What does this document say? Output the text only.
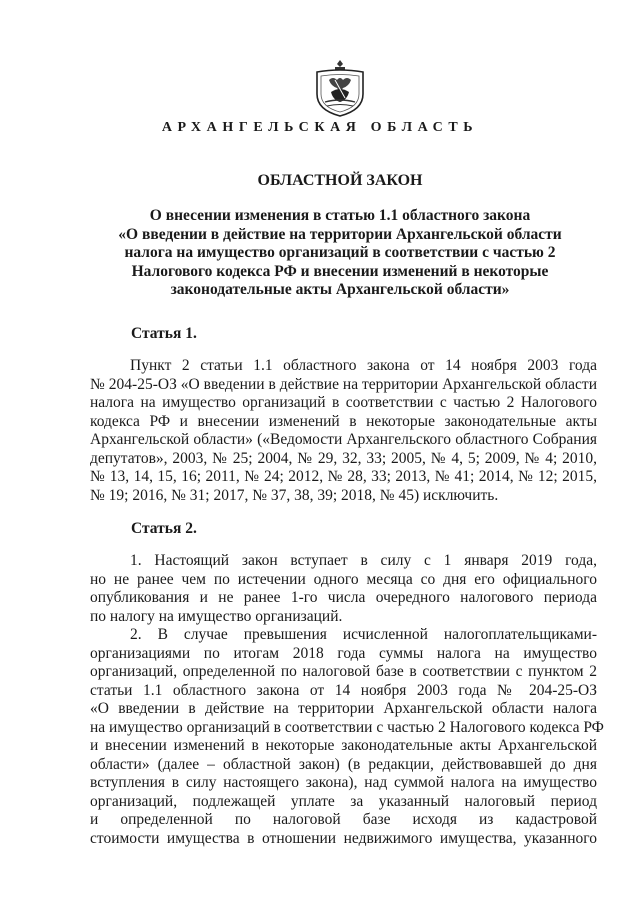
АРХАНГЕЛЬСКАЯ ОБЛАСТЬ

ОБЛАСТНОЙ ЗАКОН

О внесении изменения в статью 1.1 областного закона
«О введении в действие на территории Архангельской области
налога на имущество организаций в соответствии с частью 2
Налогового кодекса РФ и внесении изменений в некоторые
законодательные акты Архангельской области»

Статья 1.

Пункт 2 статьи 1.1 областного закона от 14 ноября 2003 года
№ 204-25-ОЗ «О введении в действие на территории Архангельской области
налога на имущество организаций в соответствии с частью 2 Налогового
кодекса РФ и внесении изменений в некоторые законодательные акты
Архангельской области» («Ведомости Архангельского областного Собрания
депутатов», 2003, № 25; 2004, № 29, 32, 33; 2005, № 4, 5; 2009, № 4; 2010,
№ 13, 14, 15, 16; 2011, № 24; 2012, № 28, 33; 2013, № 41; 2014, № 12; 2015,
№ 19; 2016, № 31; 2017, № 37, 38, 39; 2018, № 45) исключить.

Статья 2.

1. Настоящий закон вступает в силу с 1 января 2019 года,
но не ранее чем по истечении одного месяца со дня его официального
опубликования и не ранее 1-го числа очередного налогового периода
по налогу на имущество организаций.

2. В случае превышения исчисленной налогоплательщиками-
организациями по итогам 2018 года суммы налога на имущество
организаций, определенной по налоговой базе в соответствии с пунктом 2
статьи 1.1 областного закона от 14 ноября 2003 года № 204-25-ОЗ
«О введении в действие на территории Архангельской области налога
на имущество организаций в соответствии с частью 2 Налогового кодекса РФ
и внесении изменений в некоторые законодательные акты Архангельской
области» (далее – областной закон) (в редакции, действовавшей до дня
вступления в силу настоящего закона), над суммой налога на имущество
организаций, подлежащей уплате за указанный налоговый период
и определенной по налоговой базе исходя из кадастровой
стоимости имущества в отношении недвижимого имущества, указанного
